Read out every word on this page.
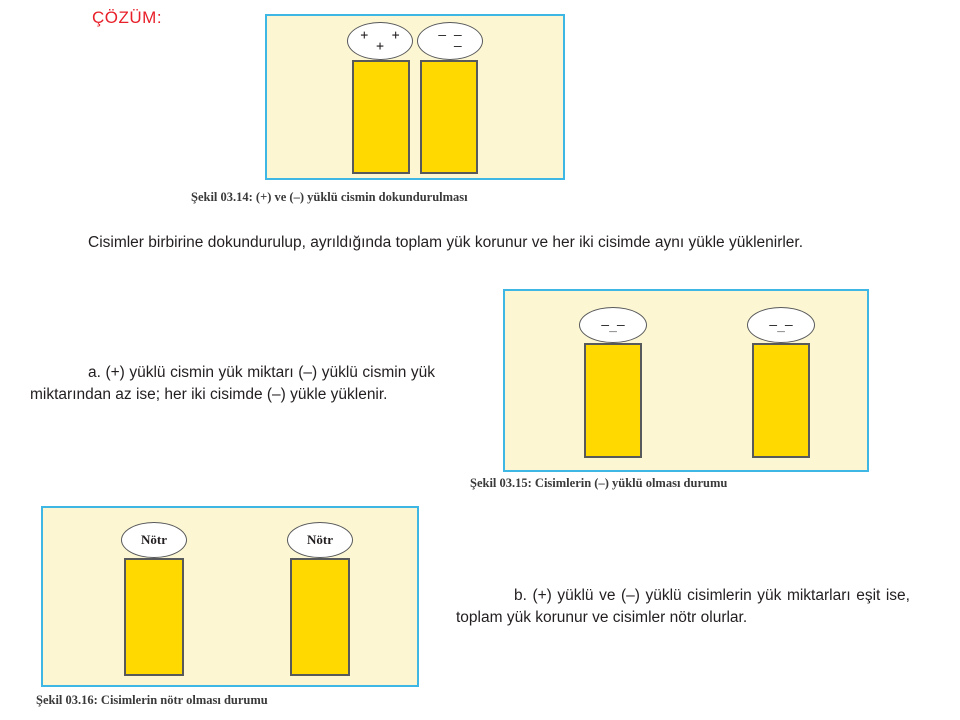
ÇÖZÜM:
+   +
+
— —
—
Şekil 03.14: (+) ve (–) yüklü cismin dokundurulması
Cisimler birbirine dokundurulup, ayrıldığında toplam yük korunur ve her iki cisimde aynı yükle yüklenirler.
–_–	–_–
Şekil 03.15: Cisimlerin (–) yüklü olması durumu
a. (+) yüklü cismin yük miktarı (–) yüklü cismin yük miktarından az ise; her iki cisimde (–) yükle yüklenir.
Nötr	Nötr
Şekil 03.16: Cisimlerin nötr olması durumu
b. (+) yüklü ve (–) yüklü cisimlerin yük miktarları eşit ise, toplam yük korunur ve cisimler nötr olurlar.
